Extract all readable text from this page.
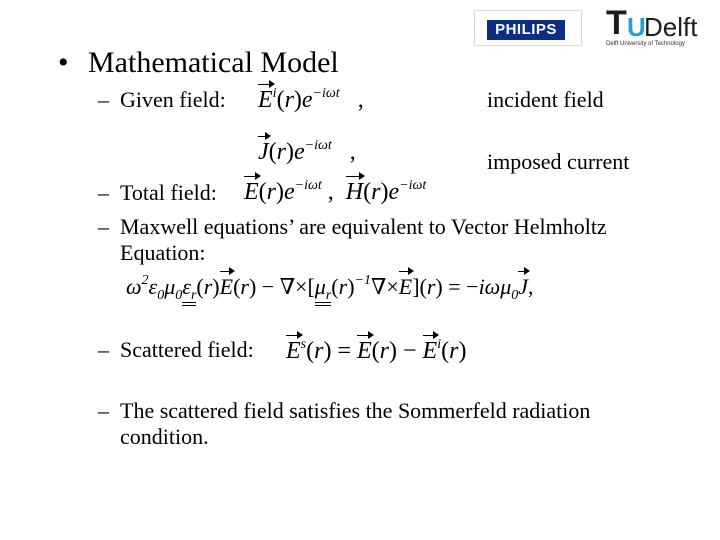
PHILIPS T U
Delft
Delft University of Technology
• Mathematical Model
– Given field: $E^i(r)e^{-i\omega t}$   ,	incident field
$J(r)e^{-i\omega t}$   ,	imposed current
– Total field: $E(r)e^{-i\omega t}$ ,  $H(r)e^{-i\omega t}$
– Maxwell equations’ are equivalent to Vector Helmholtz
Equation:
$\omega^2\varepsilon_0\mu_0\varepsilon_r(r)E(r) - \nabla\times[\mu_r(r)^{-1}\nabla\times E](r) = -i\omega\mu_0J$,
– Scattered field: $E^s(r) = E(r) - E^i(r)$
– The scattered field satisfies the Sommerfeld radiation
condition.
